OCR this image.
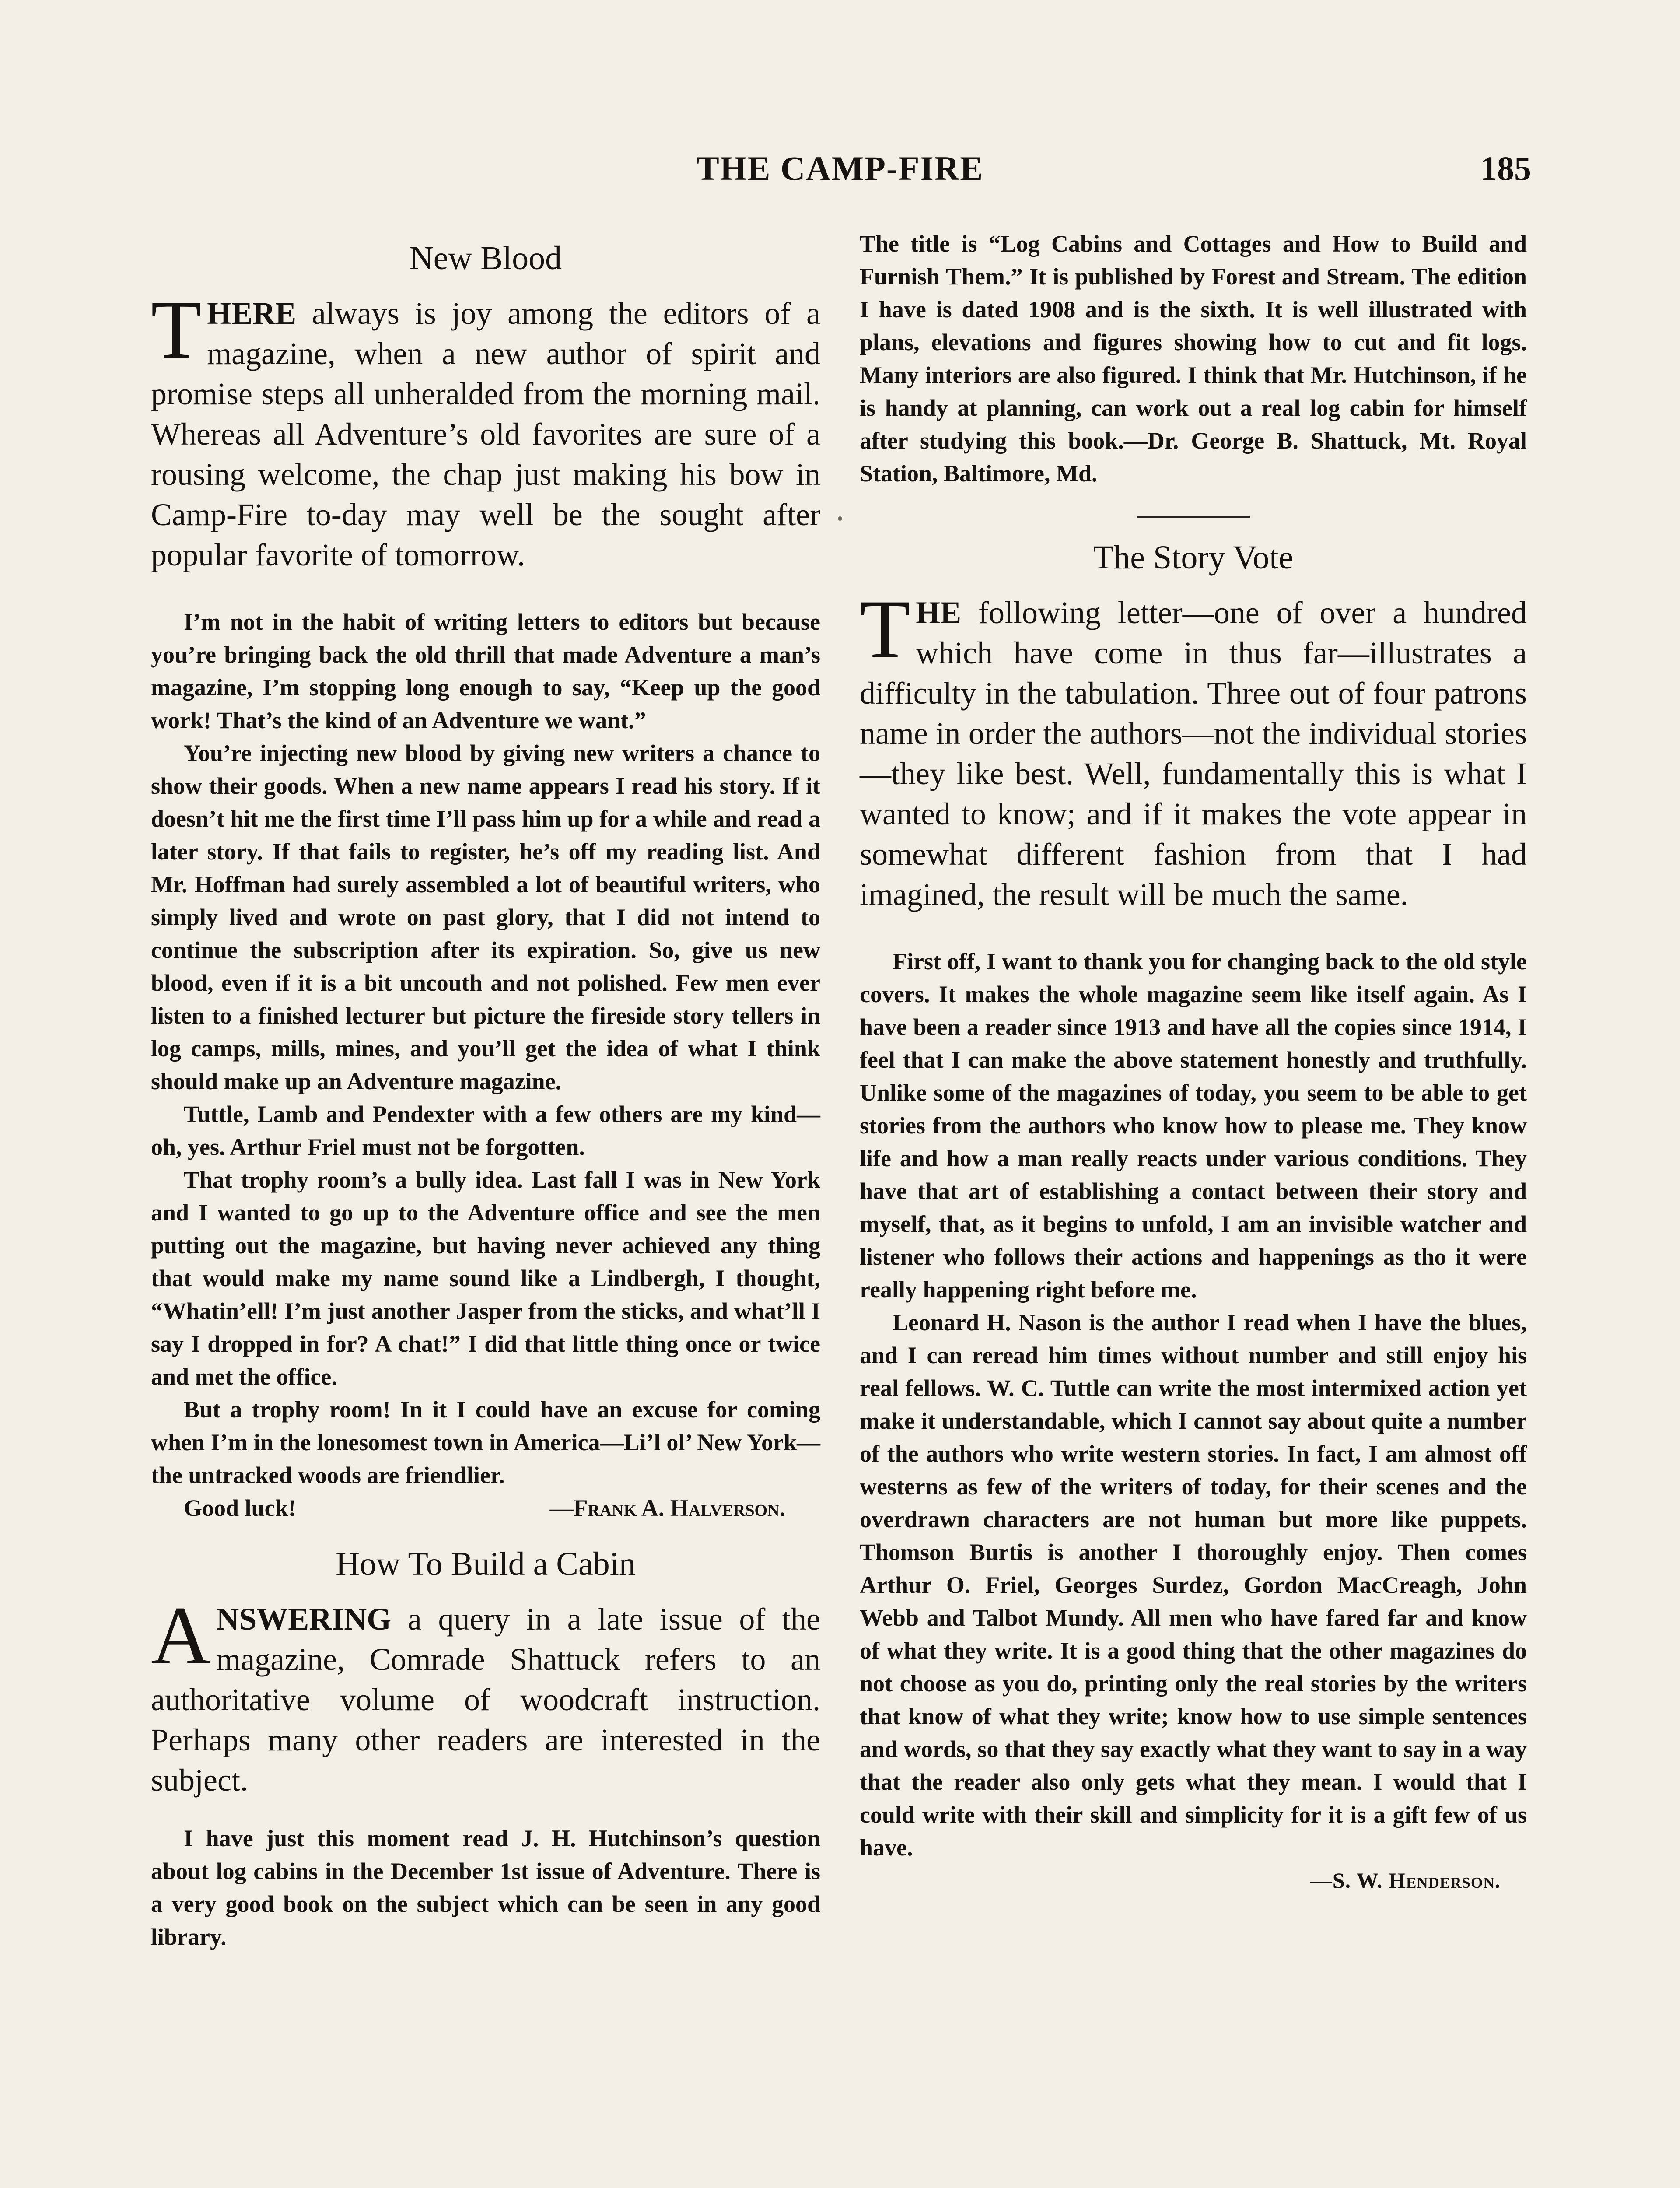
THE CAMP-FIRE	185
New Blood
THERE always is joy among the editors of a magazine, when a new author of spirit and promise steps all unheralded from the morning mail. Whereas all Adventure’s old favorites are sure of a rousing welcome, the chap just making his bow in Camp-Fire to-day may well be the sought after popular favorite of tomorrow.

I’m not in the habit of writing letters to editors but because you’re bringing back the old thrill that made Adventure a man’s magazine, I’m stopping long enough to say, “Keep up the good work! That’s the kind of an Adventure we want.”

You’re injecting new blood by giving new writers a chance to show their goods. When a new name appears I read his story. If it doesn’t hit me the first time I’ll pass him up for a while and read a later story. If that fails to register, he’s off my reading list. And Mr. Hoffman had surely assembled a lot of beautiful writers, who simply lived and wrote on past glory, that I did not intend to continue the subscription after its expiration. So, give us new blood, even if it is a bit uncouth and not polished. Few men ever listen to a finished lecturer but picture the fireside story tellers in log camps, mills, mines, and you’ll get the idea of what I think should make up an Adventure magazine.

Tuttle, Lamb and Pendexter with a few others are my kind—oh, yes. Arthur Friel must not be forgotten.

That trophy room’s a bully idea. Last fall I was in New York and I wanted to go up to the Adventure office and see the men putting out the magazine, but having never achieved any thing that would make my name sound like a Lindbergh, I thought, “Whatin’ell! I’m just another Jasper from the sticks, and what’ll I say I dropped in for? A chat!” I did that little thing once or twice and met the office.

But a trophy room! In it I could have an excuse for coming when I’m in the lonesomest town in America—Li’l ol’ New York—the untracked woods are friendlier.

Good luck!	—Frank A. Halverson.
How To Build a Cabin
ANSWERING a query in a late issue of the magazine, Comrade Shattuck refers to an authoritative volume of woodcraft instruction. Perhaps many other readers are interested in the subject.

I have just this moment read J. H. Hutchinson’s question about log cabins in the December 1st issue of Adventure. There is a very good book on the subject which can be seen in any good library.

The title is “Log Cabins and Cottages and How to Build and Furnish Them.” It is published by Forest and Stream. The edition I have is dated 1908 and is the sixth. It is well illustrated with plans, elevations and figures showing how to cut and fit logs. Many interiors are also figured. I think that Mr. Hutchinson, if he is handy at planning, can work out a real log cabin for himself after studying this book.—Dr. George B. Shattuck, Mt. Royal Station, Baltimore, Md.

The Story Vote
THE following letter—one of over a hundred which have come in thus far—illustrates a difficulty in the tabulation. Three out of four patrons name in order the authors—not the individual stories—they like best. Well, fundamentally this is what I wanted to know; and if it makes the vote appear in somewhat different fashion from that I had imagined, the result will be much the same.

First off, I want to thank you for changing back to the old style covers. It makes the whole magazine seem like itself again. As I have been a reader since 1913 and have all the copies since 1914, I feel that I can make the above statement honestly and truthfully. Unlike some of the magazines of today, you seem to be able to get stories from the authors who know how to please me. They know life and how a man really reacts under various conditions. They have that art of establishing a contact between their story and myself, that, as it begins to unfold, I am an invisible watcher and listener who follows their actions and happenings as tho it were really happening right before me.

Leonard H. Nason is the author I read when I have the blues, and I can reread him times without number and still enjoy his real fellows. W. C. Tuttle can write the most intermixed action yet make it understandable, which I cannot say about quite a number of the authors who write western stories. In fact, I am almost off westerns as few of the writers of today, for their scenes and the overdrawn characters are not human but more like puppets. Thomson Burtis is another I thoroughly enjoy. Then comes Arthur O. Friel, Georges Surdez, Gordon MacCreagh, John Webb and Talbot Mundy. All men who have fared far and know of what they write. It is a good thing that the other magazines do not choose as you do, printing only the real stories by the writers that know of what they write; know how to use simple sentences and words, so that they say exactly what they want to say in a way that the reader also only gets what they mean. I would that I could write with their skill and simplicity for it is a gift few of us have.

—S. W. Henderson.
